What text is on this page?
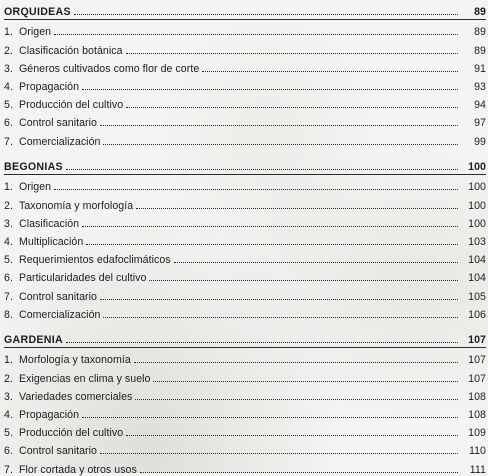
ORQUIDEAS	89
1. Origen	89
2. Clasificación botánica	89
3. Géneros cultivados como flor de corte	91
4. Propagación	93
5. Producción del cultivo	94
6. Control sanitario	97
7. Comercialización	99
BEGONIAS	100
1. Origen	100
2. Taxonomía y morfología	100
3. Clasificación	100
4. Multiplicación	103
5. Requerimientos edafoclimáticos	104
6. Particularidades del cultivo	104
7. Control sanitario	105
8. Comercialización	106
GARDENIA	107
1. Morfología y taxonomía	107
2. Exigencias en clima y suelo	107
3. Variedades comerciales	108
4. Propagación	108
5. Producción del cultivo	109
6. Control sanitario	110
7. Flor cortada y otros usos	111
